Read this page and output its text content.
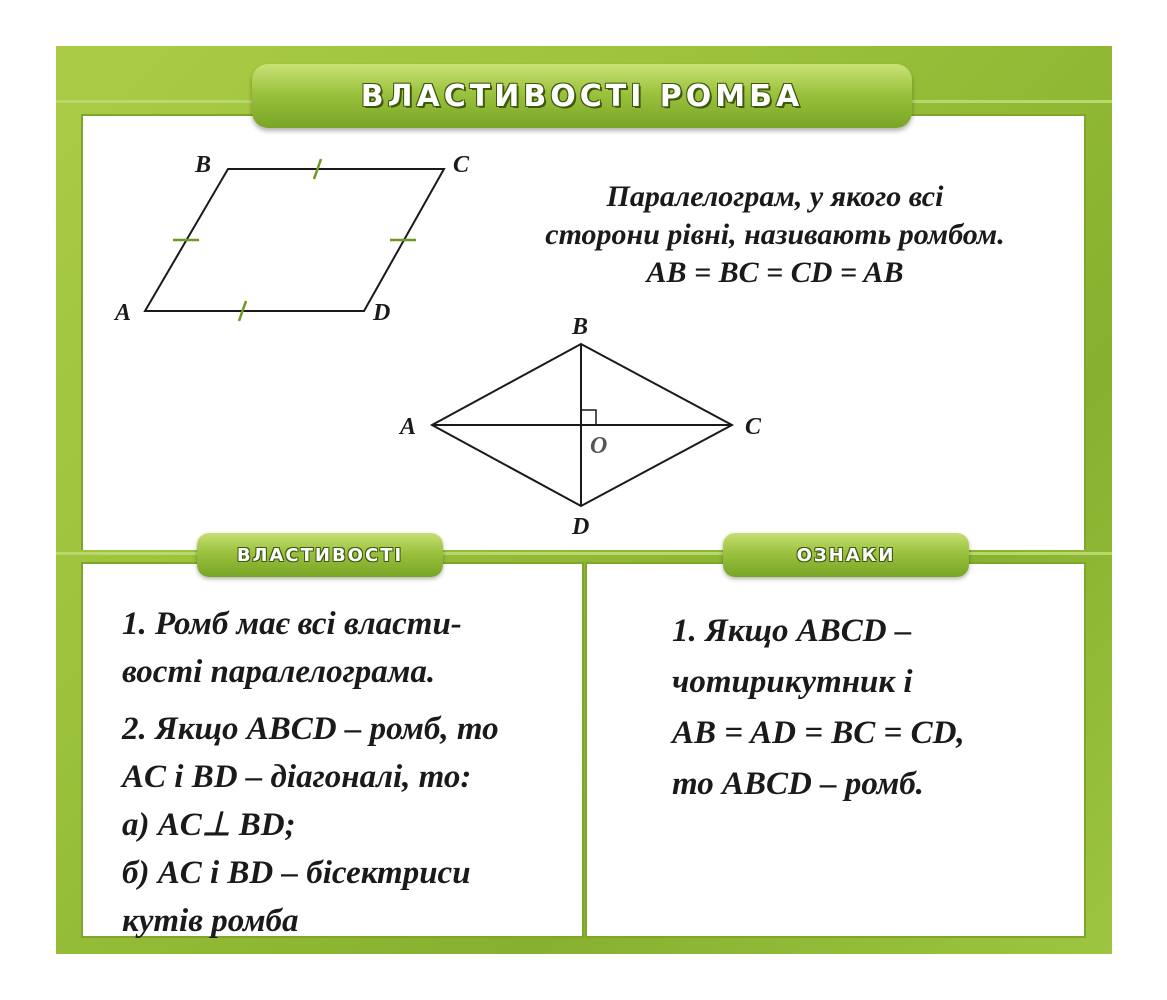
ВЛАСТИВОСТІ РОМБА
B	C
A	D
B
A	C
D
O
Паралелограм, у якого всі
сторони рівні, називають ромбом.
AB = BC = CD = AB
ВЛАСТИВОСТІ	ОЗНАКИ
1. Ромб має всі власти-
вості паралелограма.
2. Якщо ABCD – ромб, то
AC і BD – діагоналі, то:
а) AC⊥ BD;
б) AC і BD – бісектриси
кутів ромба
1. Якщо ABCD –
чотирикутник і
AB = AD = BC = CD,
то ABCD – ромб.
